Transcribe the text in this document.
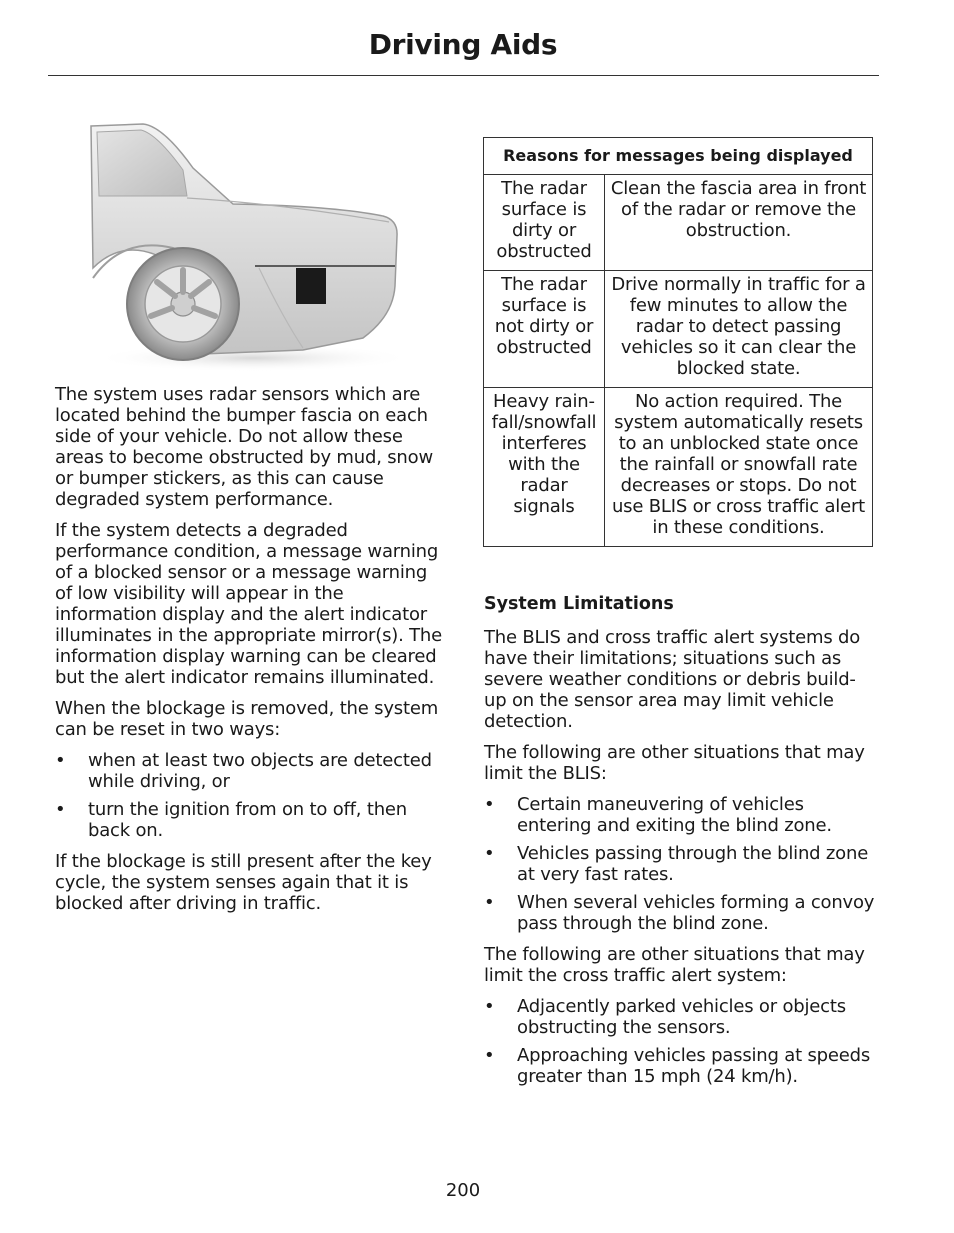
Driving Aids

The system uses radar sensors which are located behind the bumper fascia on each side of your vehicle. Do not allow these areas to become obstructed by mud, snow or bumper stickers, as this can cause degraded system performance.

If the system detects a degraded performance condition, a message warning of a blocked sensor or a message warning of low visibility will appear in the information display and the alert indicator illuminates in the appropriate mirror(s). The information display warning can be cleared but the alert indicator remains illuminated.

When the blockage is removed, the system can be reset in two ways:

• when at least two objects are detected while driving, or
• turn the ignition from on to off, then back on.

If the blockage is still present after the key cycle, the system senses again that it is blocked after driving in traffic.

Reasons for messages being displayed	
The radar surface is dirty or obstructed	Clean the fascia area in front of the radar or remove the obstruction.
The radar surface is not dirty or obstructed	Drive normally in traffic for a few minutes to allow the radar to detect passing vehicles so it can clear the blocked state.
Heavy rainfall/snowfall interferes with the radar signals	No action required. The system automatically resets to an unblocked state once the rainfall or snowfall rate decreases or stops. Do not use BLIS or cross traffic alert in these conditions.

System Limitations

The BLIS and cross traffic alert systems do have their limitations; situations such as severe weather conditions or debris build-up on the sensor area may limit vehicle detection.

The following are other situations that may limit the BLIS:

• Certain maneuvering of vehicles entering and exiting the blind zone.
• Vehicles passing through the blind zone at very fast rates.
• When several vehicles forming a convoy pass through the blind zone.

The following are other situations that may limit the cross traffic alert system:

• Adjacently parked vehicles or objects obstructing the sensors.
• Approaching vehicles passing at speeds greater than 15 mph (24 km/h).
200
